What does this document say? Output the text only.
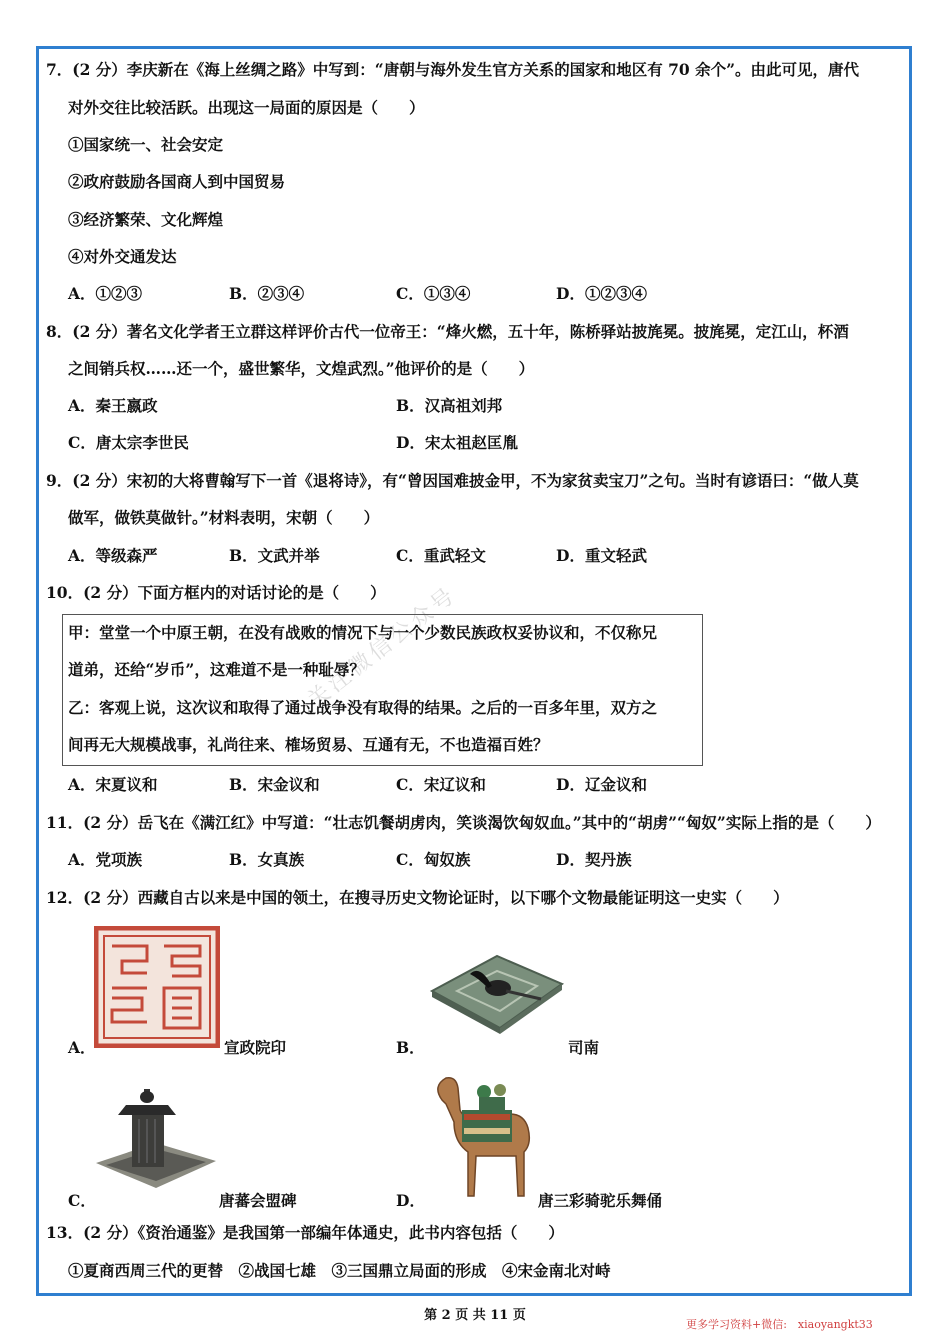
关注微信公众号
7．(2 分）李庆新在《海上丝绸之路》中写到：“唐朝与海外发生官方关系的国家和地区有 70 余个”。由此可见，唐代
对外交往比较活跃。出现这一局面的原因是（　　）
①国家统一、社会安定
②政府鼓励各国商人到中国贸易
③经济繁荣、文化辉煌
④对外交通发达
A．①②③	B．②③④	C．①③④	D．①②③④
8．(2 分）著名文化学者王立群这样评价古代一位帝王：“烽火燃，五十年，陈桥驿站披旄冕。披旄冕，定江山，杯酒
之间销兵权……还一个，盛世繁华，文煌武烈。”他评价的是（　　）
A．秦王嬴政	B．汉高祖刘邦
C．唐太宗李世民	D．宋太祖赵匡胤
9．(2 分）宋初的大将曹翰写下一首《退将诗》，有“曾因国难披金甲，不为家贫卖宝刀”之句。当时有谚语曰：“做人莫
做军，做铁莫做针。”材料表明，宋朝（　　）
A．等级森严	B．文武并举	C．重武轻文	D．重文轻武
10．(2 分）下面方框内的对话讨论的是（　　）
甲：堂堂一个中原王朝，在没有战败的情况下与一个少数民族政权妥协议和，不仅称兄
道弟，还给“岁币”，这难道不是一种耻辱？
乙：客观上说，这次议和取得了通过战争没有取得的结果。之后的一百多年里，双方之
间再无大规模战事，礼尚往来、榷场贸易、互通有无，不也造福百姓？
A．宋夏议和	B．宋金议和	C．宋辽议和	D．辽金议和
11．(2 分）岳飞在《满江红》中写道：“壮志饥餐胡虏肉，笑谈渴饮匈奴血。”其中的“胡虏”“匈奴”实际上指的是（　　）
A．党项族	B．女真族	C．匈奴族	D．契丹族
12．(2 分）西藏自古以来是中国的领土，在搜寻历史文物论证时，以下哪个文物最能证明这一史实（　　）
A．	宣政院印	B．	司南
C．	唐蕃会盟碑	D．	唐三彩骑驼乐舞俑
13．(2 分）《资治通鉴》是我国第一部编年体通史，此书内容包括（　　）
①夏商西周三代的更替　②战国七雄　③三国鼎立局面的形成　④宋金南北对峙
第 2 页 共 11 页
更多学习资料+微信:　xiaoyangkt33
